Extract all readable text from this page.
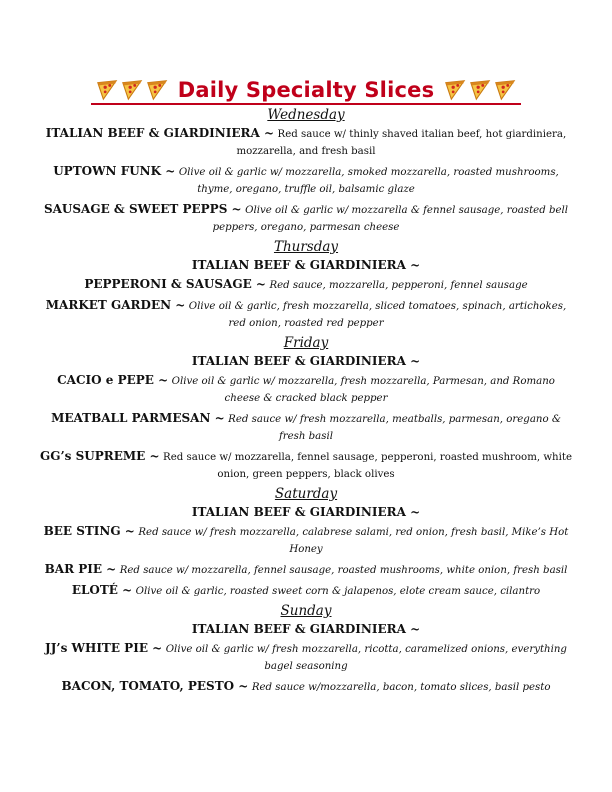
Daily Specialty Slices
Wednesday
ITALIAN BEEF & GIARDINIERA ~ Red sauce w/ thinly shaved italian beef, hot giardiniera, mozzarella, and fresh basil
UPTOWN FUNK ~ Olive oil & garlic w/ mozzarella, smoked mozzarella, roasted mushrooms, thyme, oregano, truffle oil, balsamic glaze
SAUSAGE & SWEET PEPPS ~ Olive oil & garlic w/ mozzarella & fennel sausage, roasted bell peppers, oregano, parmesan cheese
Thursday
ITALIAN BEEF & GIARDINIERA ~
PEPPERONI & SAUSAGE ~ Red sauce, mozzarella, pepperoni, fennel sausage
MARKET GARDEN ~ Olive oil & garlic, fresh mozzarella, sliced tomatoes, spinach, artichokes, red onion, roasted red pepper
Friday
ITALIAN BEEF & GIARDINIERA ~
CACIO e PEPE ~ Olive oil & garlic w/ mozzarella, fresh mozzarella, Parmesan, and Romano cheese & cracked black pepper
MEATBALL PARMESAN ~ Red sauce w/ fresh mozzarella, meatballs, parmesan, oregano & fresh basil
GG’s SUPREME ~ Red sauce w/ mozzarella, fennel sausage, pepperoni, roasted mushroom, white onion, green peppers, black olives
Saturday
ITALIAN BEEF & GIARDINIERA ~
BEE STING ~ Red sauce w/ fresh mozzarella, calabrese salami, red onion, fresh basil, Mike’s Hot Honey
BAR PIE ~ Red sauce w/ mozzarella, fennel sausage, roasted mushrooms, white onion, fresh basil
ELOTÉ ~ Olive oil & garlic, roasted sweet corn & jalapenos, elote cream sauce, cilantro
Sunday
ITALIAN BEEF & GIARDINIERA ~
JJ’s WHITE PIE ~ Olive oil & garlic w/ fresh mozzarella, ricotta, caramelized onions, everything bagel seasoning
BACON, TOMATO, PESTO ~ Red sauce w/mozzarella, bacon, tomato slices, basil pesto
